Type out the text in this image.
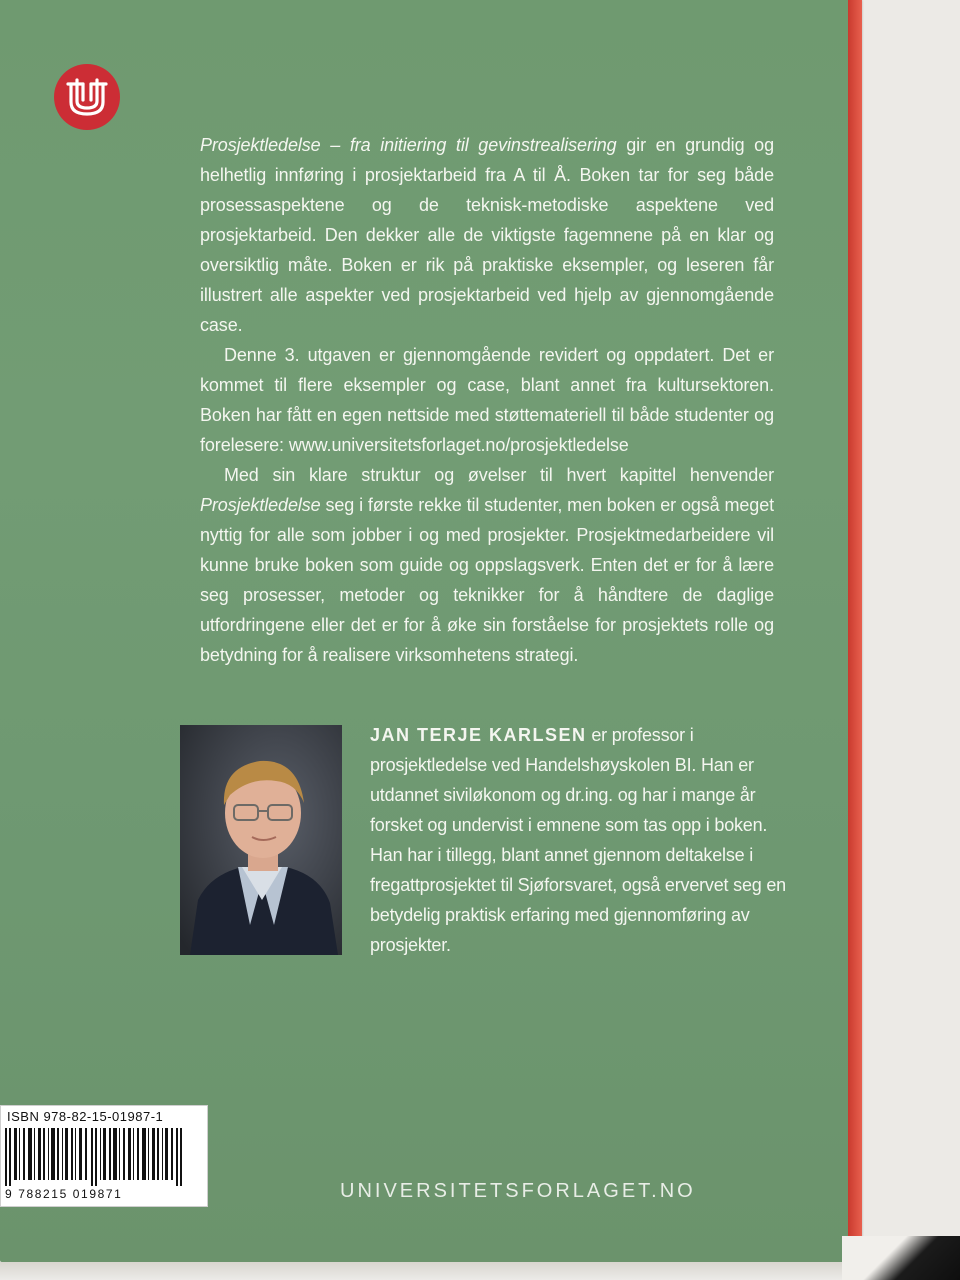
Prosjektledelse – fra initiering til gevinstrealisering gir en grundig og helhetlig innføring i prosjektarbeid fra A til Å. Boken tar for seg både prosessaspektene og de teknisk-metodiske aspektene ved prosjektarbeid. Den dekker alle de viktigste fagemnene på en klar og oversiktlig måte. Boken er rik på praktiske eksempler, og leseren får illustrert alle aspekter ved prosjektarbeid ved hjelp av gjennomgående case.

Denne 3. utgaven er gjennomgående revidert og oppdatert. Det er kommet til flere eksempler og case, blant annet fra kultursektoren. Boken har fått en egen nettside med støttemateriell til både studenter og forelesere: www.universitetsforlaget.no/prosjektledelse

Med sin klare struktur og øvelser til hvert kapittel henvender Prosjektledelse seg i første rekke til studenter, men boken er også meget nyttig for alle som jobber i og med prosjekter. Prosjektmedarbeidere vil kunne bruke boken som guide og oppslagsverk. Enten det er for å lære seg prosesser, metoder og teknikker for å håndtere de daglige utfordringene eller det er for å øke sin forståelse for prosjektets rolle og betydning for å realisere virksomhetens strategi.

JAN TERJE KARLSEN er professor i prosjektledelse ved Handelshøyskolen BI. Han er utdannet siviløkonom og dr.ing. og har i mange år forsket og undervist i emnene som tas opp i boken. Han har i tillegg, blant annet gjennom deltakelse i fregattprosjektet til Sjøforsvaret, også ervervet seg en betydelig praktisk erfaring med gjennomføring av prosjekter.
ISBN 978-82-15-01987-1
9 788215 019871	UNIVERSITETSFORLAGET.NO
